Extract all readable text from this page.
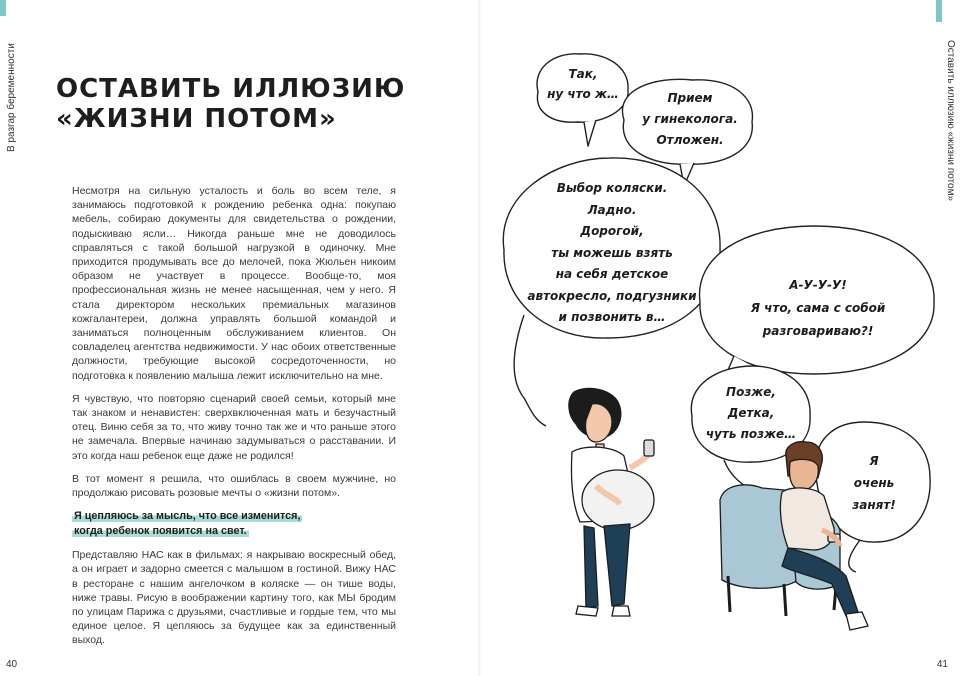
В разгар беременности ОСТАВИТЬ ИЛЛЮЗИЮ
«ЖИЗНИ ПОТОМ»

Несмотря на сильную усталость и боль во всем теле, я занимаюсь подготовкой к рождению ребенка одна: покупаю мебель, собираю документы для свидетельства о рождении, подыскиваю ясли… Никогда раньше мне не доводилось справляться с такой большой нагрузкой в одиночку. Мне приходится продумывать все до мелочей, пока Жюльен никоим образом не участвует в процессе. Вообще-то, моя профессиональная жизнь не менее насыщенная, чем у него. Я стала директором нескольких премиальных магазинов кожгалантереи, должна управлять большой командой и заниматься полноценным обслуживанием клиентов. Он совладелец агентства недвижимости. У нас обоих ответственные должности, требующие высокой сосредоточенности, но подготовка к появлению малыша лежит исключительно на мне.

Я чувствую, что повторяю сценарий своей семьи, который мне так знаком и ненавистен: сверхвключенная мать и безучастный отец. Виню себя за то, что живу точно так же и что раньше этого не замечала. Впервые начинаю задумываться о расставании. И это когда наш ребенок еще даже не родился!

В тот момент я решила, что ошиблась в своем мужчине, но продолжаю рисовать розовые мечты о «жизни потом».

Я цепляюсь за мысль, что все изменится,
когда ребенок появится на свет.

Представляю НАС как в фильмах: я накрываю воскресный обед, а он играет и задорно смеется с малышом в гостиной. Вижу НАС в ресторане с нашим ангелочком в коляске — он тише воды, ниже травы. Рисую в воображении картину того, как МЫ бродим по улицам Парижа с друзьями, счастливые и гордые тем, что мы единое целое. Я цепляюсь за будущее как за единственный выход.

40
Оставить иллюзию «жизни потом»
Так,
ну что ж…	Прием
у гинеколога.
Отложен.
Выбор коляски.
Ладно.
Дорогой,
ты можешь взять
на себя детское
автокресло, подгузники
и позвонить в…
А-У-У-У!
Я что, сама с собой
разговариваю?!
Позже,
Детка,
чуть позже…
Я
очень
занят!
41
